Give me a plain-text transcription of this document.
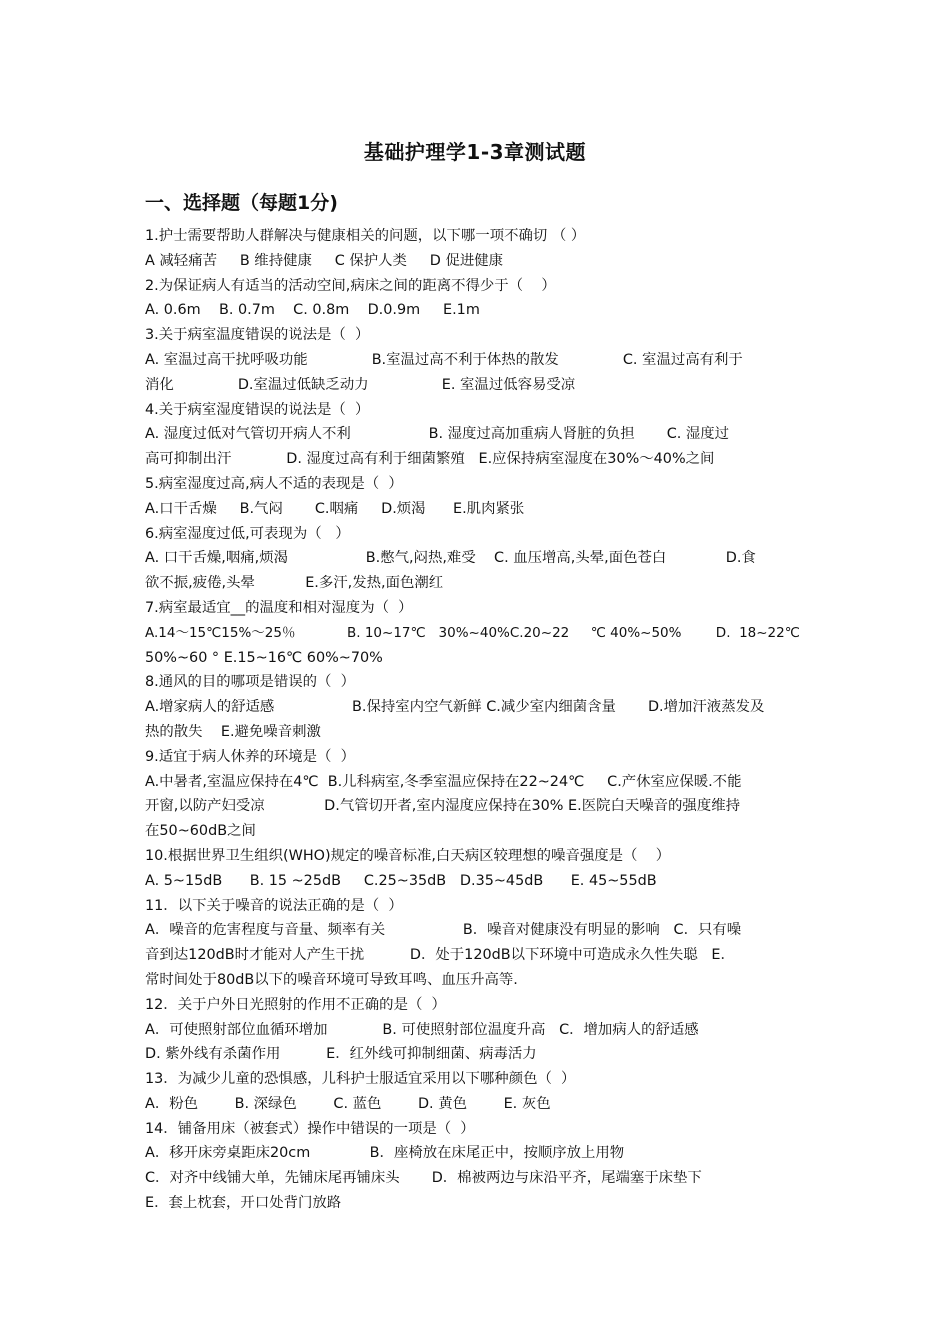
基础护理学1-3章测试题
一、选择题（每题1分)
1.护士需要帮助人群解决与健康相关的问题，以下哪一项不确切 （ ）
A 减轻痛苦     B 维持健康     C 保护人类     D 促进健康
2.为保证病人有适当的活动空间,病床之间的距离不得少于（    ）
A. 0.6m    B. 0.7m    C. 0.8m    D.0.9m     E.1m
3.关于病室温度错误的说法是（  ）
A. 室温过高干扰呼吸功能              B.室温过高不利于体热的散发              C. 室温过高有利于
消化              D.室温过低缺乏动力                E. 室温过低容易受凉
4.关于病室湿度错误的说法是（  ）
A. 湿度过低对气管切开病人不利                 B. 湿度过高加重病人肾脏的负担       C. 湿度过
高可抑制出汗            D. 湿度过高有利于细菌繁殖   E.应保持病室湿度在30%～40%之间
5.病室湿度过高,病人不适的表现是（  ）
A.口干舌燥     B.气闷       C.咽痛     D.烦渴      E.肌肉紧张
6.病室湿度过低,可表现为（   ）
A. 口干舌燥,咽痛,烦渴                 B.憋气,闷热,难受    C. 血压增高,头晕,面色苍白             D.食
欲不振,疲倦,头晕           E.多汗,发热,面色潮红
7.病室最适宜__的温度和相对湿度为（  ）
A.14～15℃15%～25％            B. 10~17℃   30%~40%C.20~22     ℃ 40%~50%        D.  18~22℃
50%~60 ° E.15~16℃ 60%~70%
8.通风的目的哪项是错误的（  ）
A.增家病人的舒适感                 B.保持室内空气新鲜 C.减少室内细菌含量       D.增加汗液蒸发及
热的散失    E.避免噪音刺激
9.适宜于病人休养的环境是（  ）
A.中暑者,室温应保持在4℃  B.儿科病室,冬季室温应保持在22~24℃     C.产休室应保暖.不能
开窗,以防产妇受凉             D.气管切开者,室内湿度应保持在30% E.医院白天噪音的强度维持
在50~60dB之间
10.根据世界卫生组织(WHO)规定的噪音标准,白天病区较理想的噪音强度是（    ）
A. 5~15dB      B. 15 ~25dB     C.25~35dB   D.35~45dB      E. 45~55dB
11．以下关于噪音的说法正确的是（  ）
A．噪音的危害程度与音量、频率有关                 B．噪音对健康没有明显的影响   C．只有噪
音到达120dB时才能对人产生干扰          D．处于120dB以下环境中可造成永久性失聪   E．
常时间处于80dB以下的噪音环境可导致耳鸣、血压升高等.
12．关于户外日光照射的作用不正确的是（  ）
A．可使照射部位血循环增加            B. 可使照射部位温度升高   C．增加病人的舒适感
D. 紫外线有杀菌作用          E．红外线可抑制细菌、病毒活力
13．为减少儿童的恐惧感，儿科护士服适宜采用以下哪种颜色（  ）
A．粉色        B. 深绿色        C. 蓝色        D. 黄色        E. 灰色
14．铺备用床（被套式）操作中错误的一项是（  ）
A．移开床旁桌距床20cm             B．座椅放在床尾正中，按顺序放上用物
C．对齐中线铺大单，先铺床尾再铺床头       D．棉被两边与床沿平齐，尾端塞于床垫下
E．套上枕套，开口处背门放路
